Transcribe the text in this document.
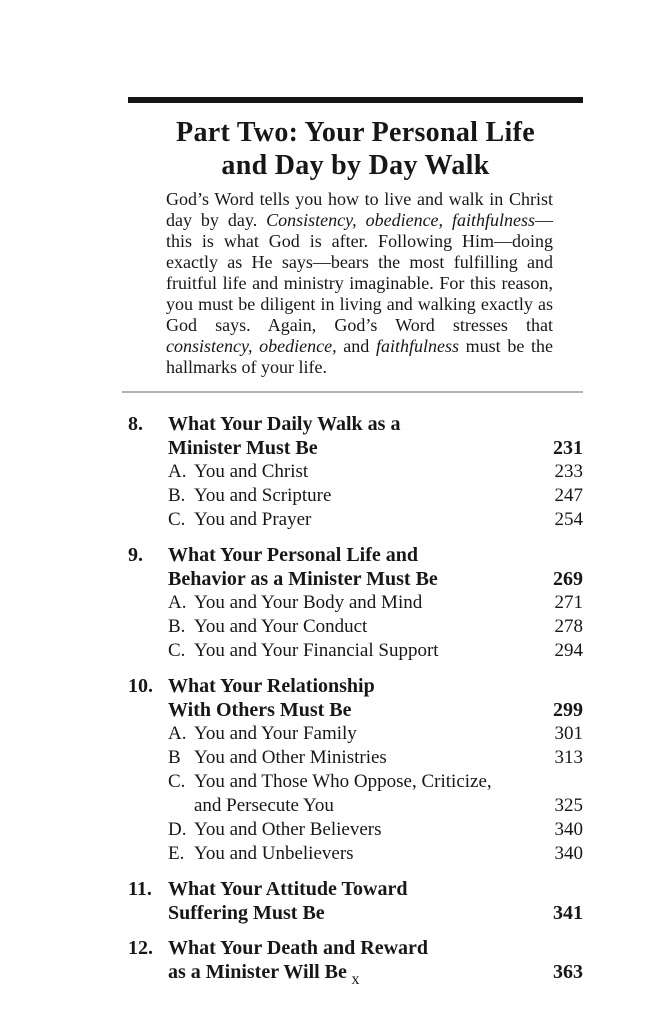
Part Two: Your Personal Life
and Day by Day Walk

God’s Word tells you how to live and walk in Christ day by day. Consistency, obedience, faithfulness—this is what God is after. Following Him—doing exactly as He says—bears the most fulfilling and fruitful life and ministry imaginable. For this reason, you must be diligent in living and walking exactly as God says. Again, God’s Word stresses that consistency, obedience, and faithfulness must be the hallmarks of your life.

8.	What Your Daily Walk as a
Minister Must Be	231
A. You and Christ	233
B. You and Scripture	247
C. You and Prayer	254
9.	What Your Personal Life and
Behavior as a Minister Must Be	269
A. You and Your Body and Mind	271
B. You and Your Conduct	278
C. You and Your Financial Support	294
10. What Your Relationship
With Others Must Be	299
A. You and Your Family	301
B You and Other Ministries	313
C. You and Those Who Oppose, Criticize,
and Persecute You	325
D. You and Other Believers	340
E. You and Unbelievers	340
11. What Your Attitude Toward
Suffering Must Be	341
12. What Your Death and Reward
as a Minister Will Be	363
x
